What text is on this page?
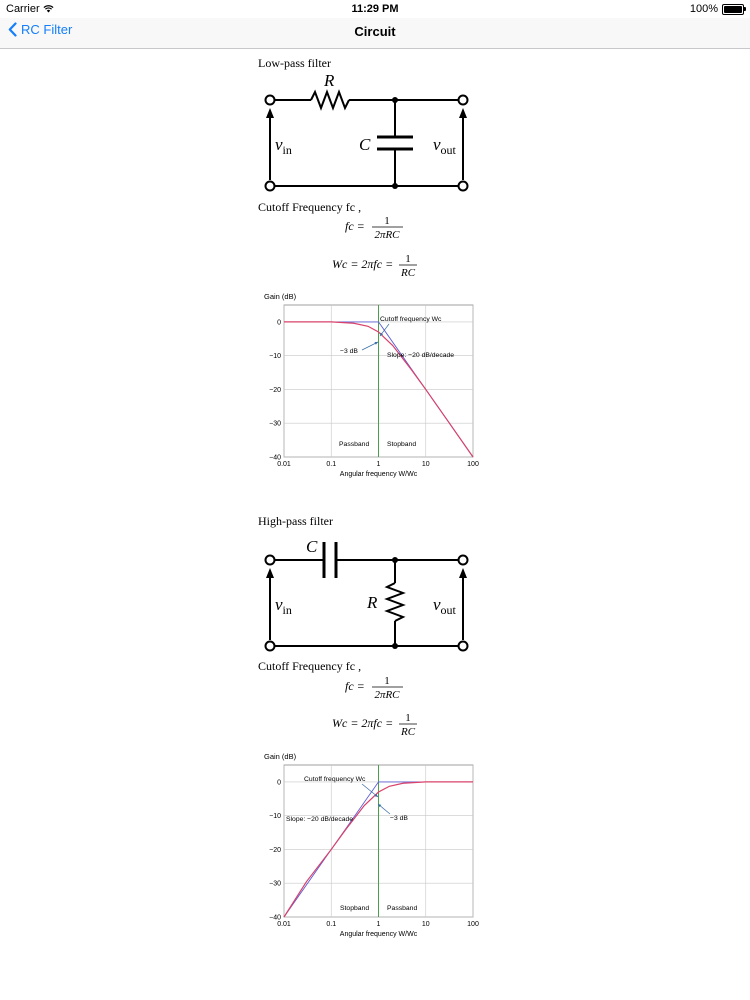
Carrier	11:29 PM	100%
RC Filter	Circuit
Low-pass filter
R
C
$v_{in}$	$v_{out}$
Cutoff Frequency fc ,
fc = 1
2πRC
Wc = 2πfc = 1
RC
0.01	0.1	1	10	100
0
−10
−20
−30
−40
Gain (dB)
Angular frequency W/Wc
Cutoff frequency Wc
−3 dB
Slope: −20 dB/decade
Passband	Stopband
High-pass filter
C
R
$v_{in}$	$v_{out}$
Cutoff Frequency fc ,
fc = 1
2πRC
Wc = 2πfc = 1
RC
0.01	0.1	1	10	100
0
−10
−20
−30
−40
Gain (dB)
Angular frequency W/Wc
Cutoff frequency Wc
−3 dB
Slope: −20 dB/decade
Stopband	Passband
